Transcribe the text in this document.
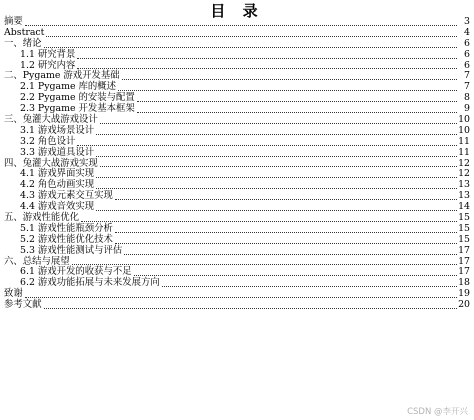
目 录
摘要	3
Abstract	4
一、绪论	6
1.1 研究背景	6
1.2 研究内容	6
二、Pygame 游戏开发基础	7
2.1 Pygame 库的概述	7
2.2 Pygame 的安装与配置	8
2.3 Pygame 开发基本框架	9
三、兔灌大战游戏设计	10
3.1 游戏场景设计	10
3.2 角色设计	11
3.3 游戏道具设计	11
四、兔灌大战游戏实现	12
4.1 游戏界面实现	12
4.2 角色动画实现	13
4.3 游戏元素交互实现	13
4.4 游戏音效实现	14
五、游戏性能优化	15
5.1 游戏性能瓶颈分析	15
5.2 游戏性能优化技术	15
5.3 游戏性能测试与评估	17
六、总结与展望	17
6.1 游戏开发的收获与不足	17
6.2 游戏功能拓展与未来发展方向	18
致谢	19
参考文献	20
CSDN @李开兴
